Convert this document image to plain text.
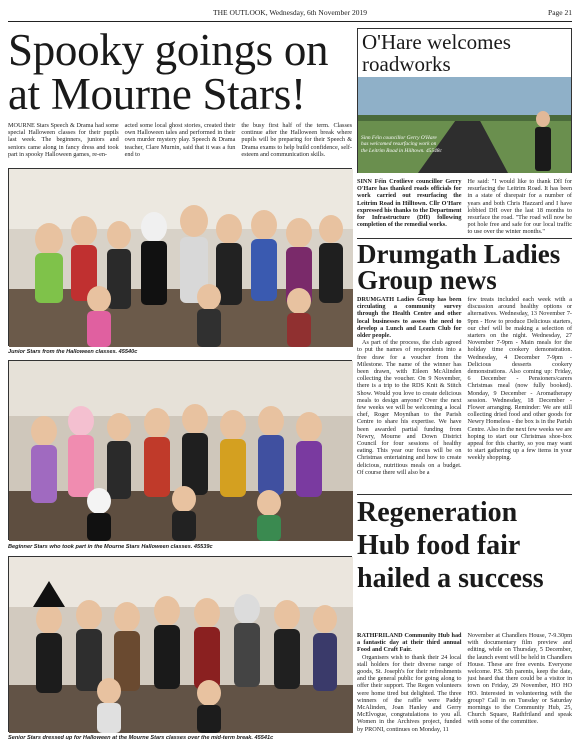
THE OUTLOOK, Wednesday, 6th November 2019	Page 21
Spooky goings on at Mourne Stars!

MOURNE Stars Speech & Drama had some special Halloween classes for their pupils last week. The beginners, juniors and seniors came along in fancy dress and took part in spooky Halloween games, re-en-

acted some local ghost stories, created their own Halloween tales and performed in their own murder mystery play. Speech & Drama teacher, Clare Murnin, said that it was a fun end to

the busy first half of the term. Classes continue after the Halloween break where pupils will be preparing for their Speech & Drama exams to help build confidence, self-esteem and communication skills.

Junior Stars from the Halloween classes. 45540c
Beginner Stars who took part in the Mourne Stars Halloween classes. 45539c
Senior Stars dressed up for Halloween at the Mourne Stars classes over the mid-term break. 45541c
O'Hare welcomes roadworks
Sinn Féin councillor Gerry O'Hare has welcomed resurfacing work on the Leitrim Road in Hilltown. 45548c

SINN Féin Crotlieve councillor Gerry O'Hare has thanked roads officials for work carried out resurfacing the Leitrim Road in Hilltown. Cllr O'Hare expressed his thanks to the Department for Infrastructure (DfI) following completion of the remedial works.

He said: "I would like to thank DfI for resurfacing the Leitrim Road. It has been in a state of disrepair for a number of years and both Chris Hazzard and I have lobbied DfI over the last 18 months to resurface the road. "The road will now be pot hole free and safe for our local traffic to use over the winter months."

Drumgath Ladies Group news

DRUMGATH Ladies Group has been circulating a community survey through the Health Centre and other local businesses to assess the need to develop a Lunch and Learn Club for older people.

As part of the process, the club agreed to put the names of respondents into a free draw for a voucher from the Milestone. The name of the winner has been drawn, with Eileen McAlinden collecting the voucher. On 9 November, there is a trip to the RDS Knit & Stitch Show. Would you love to create delicious meals to design anyone? Over the next few weeks we will be welcoming a local chef, Roger Moynihan to the Parish Centre to share his expertise. We have been awarded partial funding from Newry, Mourne and Down District Council for four sessions of healthy eating. This year our focus will be on Christmas entertaining and how to create delicious, nutritious meals on a budget. Of course there will also be a

few treats included each week with a discussion around healthy options or alternatives. Wednesday, 13 November 7-9pm - How to produce Delicious starters, our chef will be making a selection of starters on the night. Wednesday, 27 November 7-9pm - Main meals for the holiday time cookery demonstration. Wednesday, 4 December 7-9pm - Delicious desserts cookery demonstrations. Also coming up: Friday, 6 December - Pensioners/carers Christmas meal (now fully booked). Monday, 9 December - Aromatherapy session. Wednesday, 18 December - Flower arranging. Reminder: We are still collecting dried food and other goods for Newry Homeless - the box is in the Parish Centre. Also in the next few weeks we are hoping to start our Christmas shoe-box appeal for this charity, so you may want to start gathering up a few items in your weekly shopping.

Regeneration Hub food fair hailed a success

RATHFRILAND Community Hub had a fantastic day at their third annual Food and Craft Fair.

Organisers wish to thank their 24 local stall holders for their diverse range of goods, St. Joseph's for their refreshments and the general public for going along to offer their support. The Regen volunteers were home tired but delighted. The three winners of the raffle were Paddy McAlinden, Joan Hanley and Gerry McElvogue, congratulations to you all. Women in the Archives project, funded by PRONI, continues on Monday, 11

November at Chandlers House, 7-9.30pm with documentary film preview and editing, while on Thursday, 5 December, the launch event will be held in Chandlers House. These are free events. Everyone welcome. P.S. 5th parents, keep the date, just heard that there could be a visitor in town on Friday, 29 November, HO HO HO. Interested in volunteering with the group? Call in on Tuesday or Saturday mornings to the Community Hub, 25, Church Square, Rathfriland and speak with some of the committee.
